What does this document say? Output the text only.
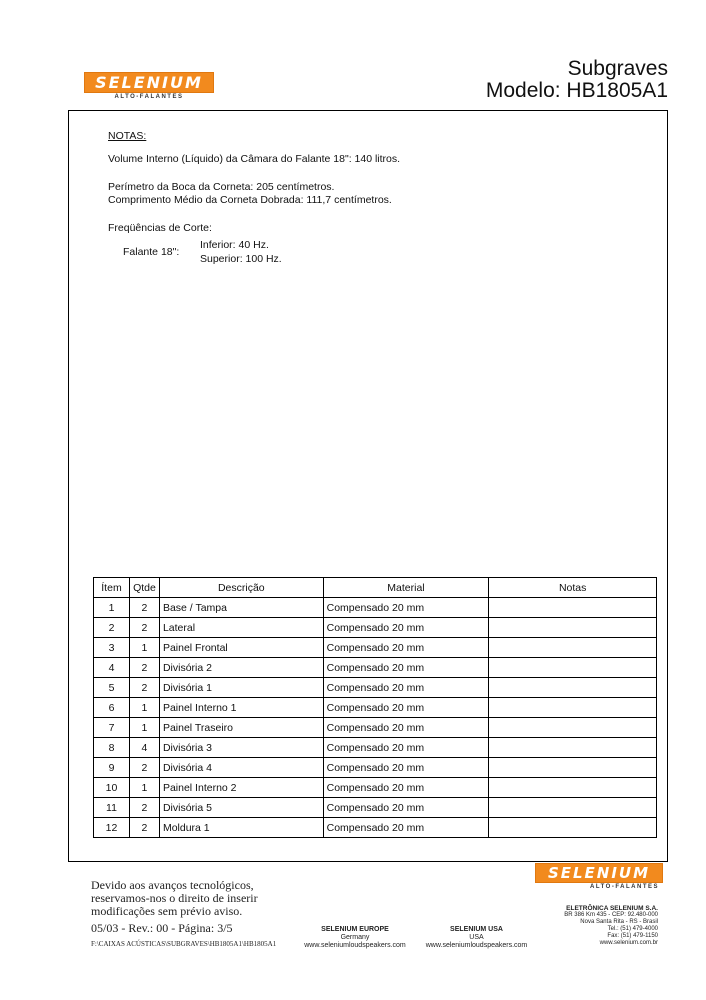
SELENIUM
ALTO-FALANTES
Subgraves
Modelo: HB1805A1
NOTAS:
Volume Interno (Líquido) da Câmara do Falante 18": 140 litros.
Perímetro da Boca da Corneta: 205 centímetros.
Comprimento Médio da Corneta Dobrada: 111,7 centímetros.
Freqüências de Corte:
Falante 18":
Inferior: 40 Hz.
Superior: 100 Hz.
Ítem	Qtde	Descrição	Material	Notas
1	2	Base / Tampa	Compensado 20 mm	
2	2	Lateral	Compensado 20 mm	
3	1	Painel Frontal	Compensado 20 mm	
4	2	Divisória 2	Compensado 20 mm	
5	2	Divisória 1	Compensado 20 mm	
6	1	Painel Interno 1	Compensado 20 mm	
7	1	Painel Traseiro	Compensado 20 mm	
8	4	Divisória 3	Compensado 20 mm	
9	2	Divisória 4	Compensado 20 mm	
10	1	Painel Interno 2	Compensado 20 mm	
11	2	Divisória 5	Compensado 20 mm	
12	2	Moldura 1	Compensado 20 mm	
Devido aos avanços tecnológicos,
reservamos-nos o direito de inserir
modificações sem prévio aviso.
05/03 - Rev.: 00 - Página: 3/5
F:\CAIXAS ACÚSTICAS\SUBGRAVES\HB1805A1\HB1805A1
SELENIUM EUROPE
Germany
www.seleniumloudspeakers.com
SELENIUM USA
USA
www.seleniumloudspeakers.com
SELENIUM
ALTO-FALANTES
ELETRÔNICA SELENIUM S.A.
BR 386 Km 435 - CEP: 92.480-000
Nova Santa Rita - RS - Brasil
Tel.: (51) 479-4000
Fax: (51) 479-1150
www.selenium.com.br
